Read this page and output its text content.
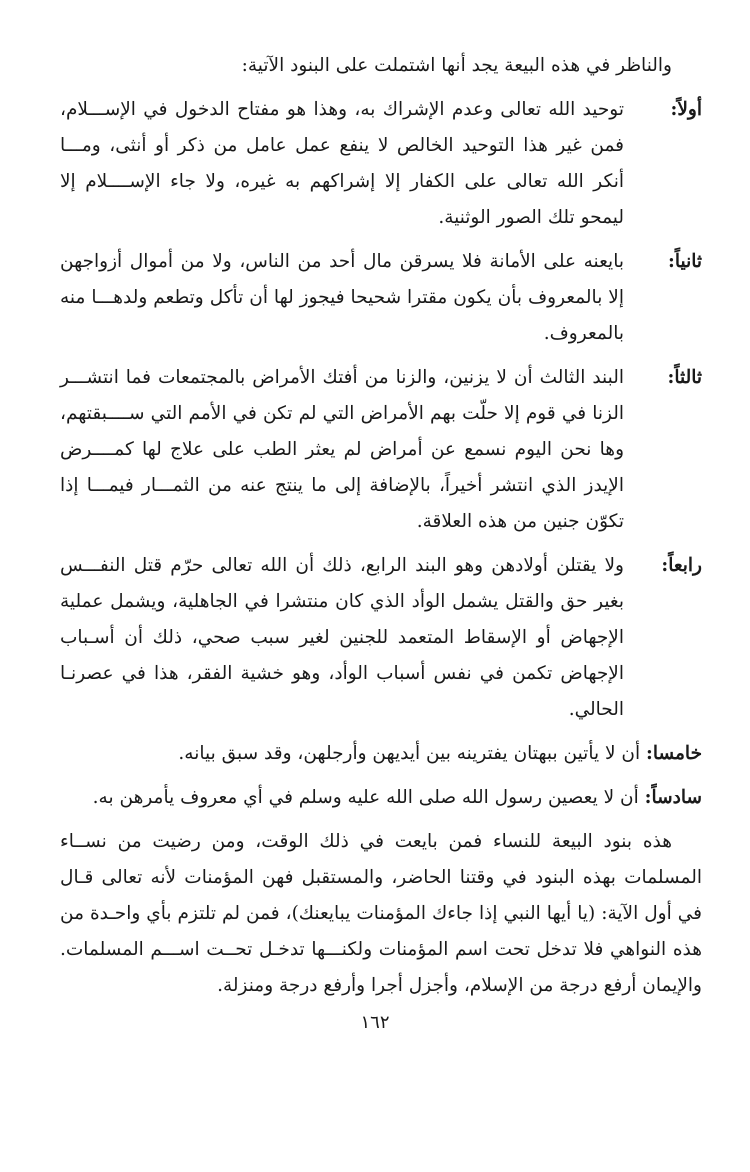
والناظر في هذه البيعة يجد أنها اشتملت على البنود الآتية:
أولاً:
توحيد الله تعالى وعدم الإشراك به، وهذا هو مفتاح الدخول في الإســـلام، فمن غير هذا التوحيد الخالص لا ينفع عمل عامل من ذكر أو أنثى، ومـــا أنكر الله تعالى على الكفار إلا إشراكهم به غيره، ولا جاء الإســــلام إلا ليمحو تلك الصور الوثنية.
ثانياً:
بايعنه على الأمانة فلا يسرقن مال أحد من الناس، ولا من أموال أزواجهن إلا بالمعروف بأن يكون مقترا شحيحا فيجوز لها أن تأكل وتطعم ولدهـــا منه بالمعروف.
ثالثاً:
البند الثالث أن لا يزنين، والزنا من أفتك الأمراض بالمجتمعات فما انتشـــر الزنا في قوم إلا حلّت بهم الأمراض التي لم تكن في الأمم التي ســــبقتهم، وها نحن اليوم نسمع عن أمراض لم يعثر الطب على علاج لها كمــــرض الإيدز الذي انتشر أخيراً، بالإضافة إلى ما ينتج عنه من الثمـــار فيمـــا إذا تكوّن جنين من هذه العلاقة.
رابعاً:
ولا يقتلن أولادهن وهو البند الرابع، ذلك أن الله تعالى حرّم قتل النفـــس بغير حق والقتل يشمل الوأد الذي كان منتشرا في الجاهلية، ويشمل عملية الإجهاض أو الإسقاط المتعمد للجنين لغير سبب صحي، ذلك أن أسـباب الإجهاض تكمن في نفس أسباب الوأد، وهو خشية الفقر، هذا في عصرنـا الحالي.
خامسا: أن لا يأتين ببهتان يفترينه بين أيديهن وأرجلهن، وقد سبق بيانه.
سادساً: أن لا يعصين رسول الله صلى الله عليه وسلم في أي معروف يأمرهن به.
هذه بنود البيعة للنساء فمن بايعت في ذلك الوقت، ومن رضيت من نســاء المسلمات بهذه البنود في وقتنا الحاضر، والمستقبل فهن المؤمنات لأنه تعالى قـال في أول الآية: (يا أيها النبي إذا جاءك المؤمنات يبايعنك)، فمن لم تلتزم بأي واحـدة من هذه النواهي فلا تدخل تحت اسم المؤمنات ولكنـــها تدخـل تحــت اســـم المسلمات. والإيمان أرفع درجة من الإسلام، وأجزل أجرا وأرفع درجة ومنزلة.
١٦٢
